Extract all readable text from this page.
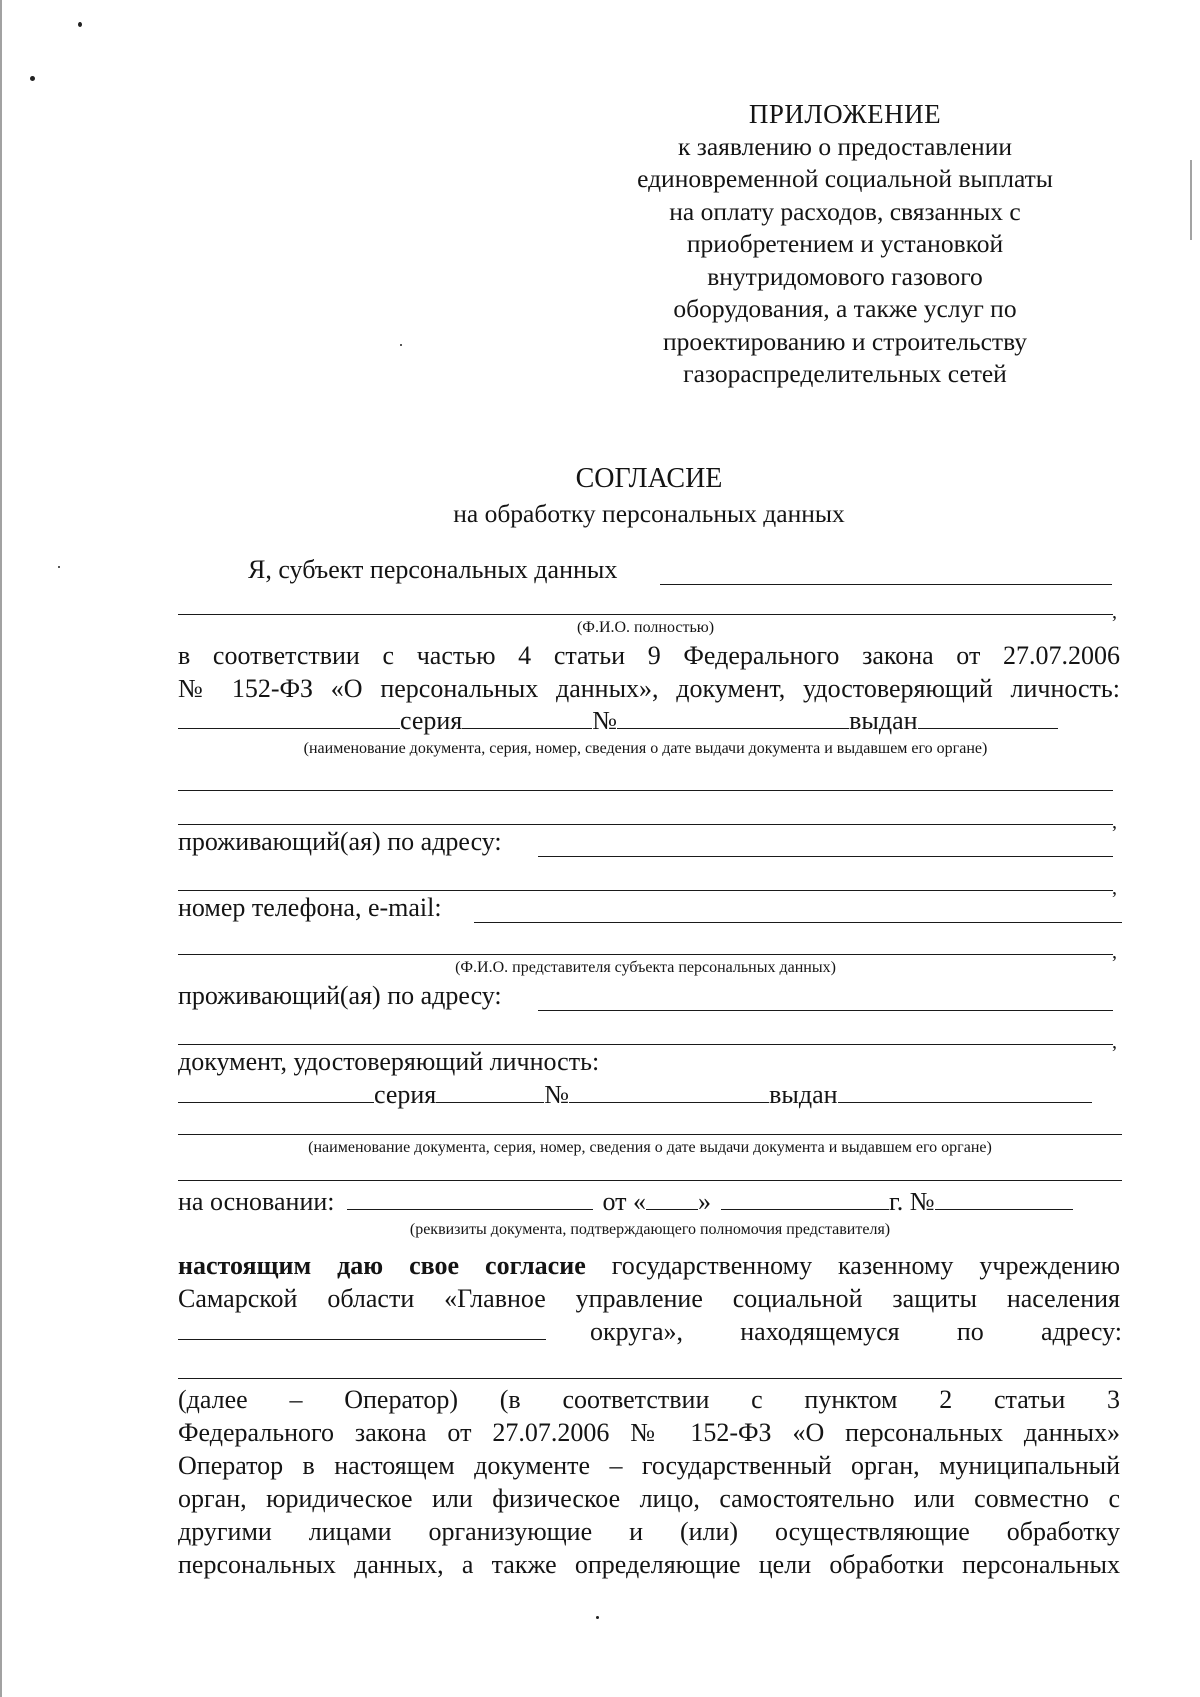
ПРИЛОЖЕНИЕ
к заявлению о предоставлении
единовременной социальной выплаты
на оплату расходов, связанных с
приобретением и установкой
внутридомового газового
оборудования, а также услуг по
проектированию и строительству
газораспределительных сетей
СОГЛАСИЕ
на обработку персональных данных
Я, субъект персональных данных
,
(Ф.И.О. полностью)
в соответствии с частью 4 статьи 9 Федерального закона от 27.07.2006
№ 152-ФЗ «О персональных данных», документ, удостоверяющий личность:
серия	№	выдан
(наименование документа, серия, номер, сведения о дате выдачи документа и выдавшем его органе)
,
проживающий(ая) по адресу:
,
номер телефона, e-mail:
,
(Ф.И.О. представителя субъекта персональных данных)
проживающий(ая) по адресу:
,
документ, удостоверяющий личность:
серия	№	выдан
(наименование документа, серия, номер, сведения о дате выдачи документа и выдавшем его органе)
на основании:	от « »	г. №
(реквизиты документа, подтверждающего полномочия представителя)
настоящим даю свое согласие государственному казенному учреждению
Самарской области «Главное управление социальной защиты населения
округа», находящемуся по адресу:
(далее – Оператор) (в соответствии с пунктом 2 статьи 3
Федерального закона от 27.07.2006 № 152-ФЗ «О персональных данных»
Оператор в настоящем документе – государственный орган, муниципальный
орган, юридическое или физическое лицо, самостоятельно или совместно с
другими лицами организующие и (или) осуществляющие обработку
персональных данных, а также определяющие цели обработки персональных
